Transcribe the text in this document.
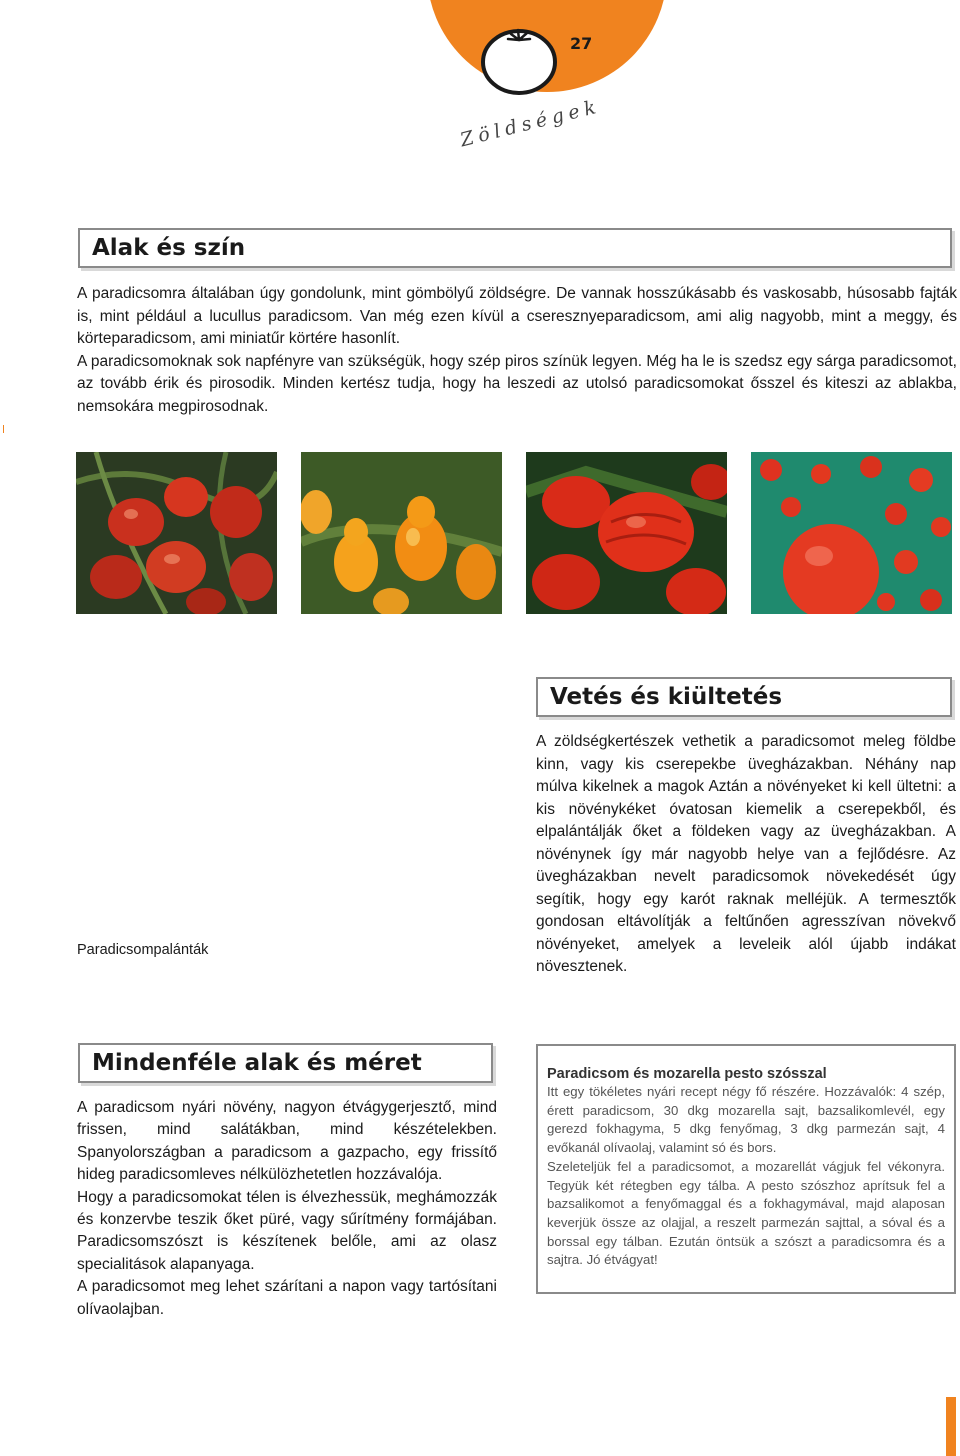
27
Zöldségek
Alak és szín

A paradicsomra általában úgy gondolunk, mint gömbölyű zöldségre. De vannak hosszúkásabb és vaskosabb, húsosabb fajták is, mint például a lucullus paradicsom. Van még ezen kívül a cseresznyeparadicsom, ami alig nagyobb, mint a meggy, és körteparadicsom, ami miniatűr körtére hasonlít.

A paradicsomoknak sok napfényre van szükségük, hogy szép piros színük legyen. Még ha le is szedsz egy sárga paradicsomot, az tovább érik és pirosodik. Minden kertész tudja, hogy ha leszedi az utolsó paradicsomokat ősszel és kiteszi az ablakba, nemsokára megpirosodnak.

Vetés és kiültetés
Paradicsompalánták

A zöldségkertészek vethetik a paradicsomot meleg földbe kinn, vagy kis cserepekbe üvegházakban. Néhány nap múlva kikelnek a magok Aztán a növényeket ki kell ültetni: a kis növénykéket óvatosan kiemelik a cserepekből, és elpalántálják őket a földeken vagy az üvegházakban. A növénynek így már nagyobb helye van a fejlődésre. Az üvegházakban nevelt paradicsomok növekedését úgy segítik, hogy egy karót raknak melléjük. A termesztők gondosan eltávolítják a feltűnően agresszívan növekvő növényeket, amelyek a leveleik alól újabb indákat növesztenek.

Mindenféle alak és méret

A paradicsom nyári növény, nagyon étvágygerjesztő, mind frissen, mind salátákban, mind készételekben. Spanyolországban a paradicsom a gazpacho, egy frissítő hideg paradicsomleves nélkülözhetetlen hozzávalója.

Hogy a paradicsomokat télen is élvezhessük, meghámozzák és konzervbe teszik őket püré, vagy sűrítmény formájában. Paradicsomszószt is készítenek belőle, ami az olasz specialitások alapanyaga.

A paradicsomot meg lehet szárítani a napon vagy tartósítani olívaolajban.

Paradicsom és mozarella pesto szósszal

Itt egy tökéletes nyári recept négy fő részére. Hozzávalók: 4 szép, érett paradicsom, 30 dkg mozarella sajt, bazsalikomlevél, egy gerezd fokhagyma, 5 dkg fenyőmag, 3 dkg parmezán sajt, 4 evőkanál olívaolaj, valamint só és bors.

Szeleteljük fel a paradicsomot, a mozarellát vágjuk fel vékonyra. Tegyük két rétegben egy tálba. A pesto szószhoz aprítsuk fel a bazsalikomot a fenyőmaggal és a fokhagymával, majd alaposan keverjük össze az olajjal, a reszelt parmezán sajttal, a sóval és a borssal egy tálban. Ezután öntsük a szószt a paradicsomra és a sajtra. Jó étvágyat!
